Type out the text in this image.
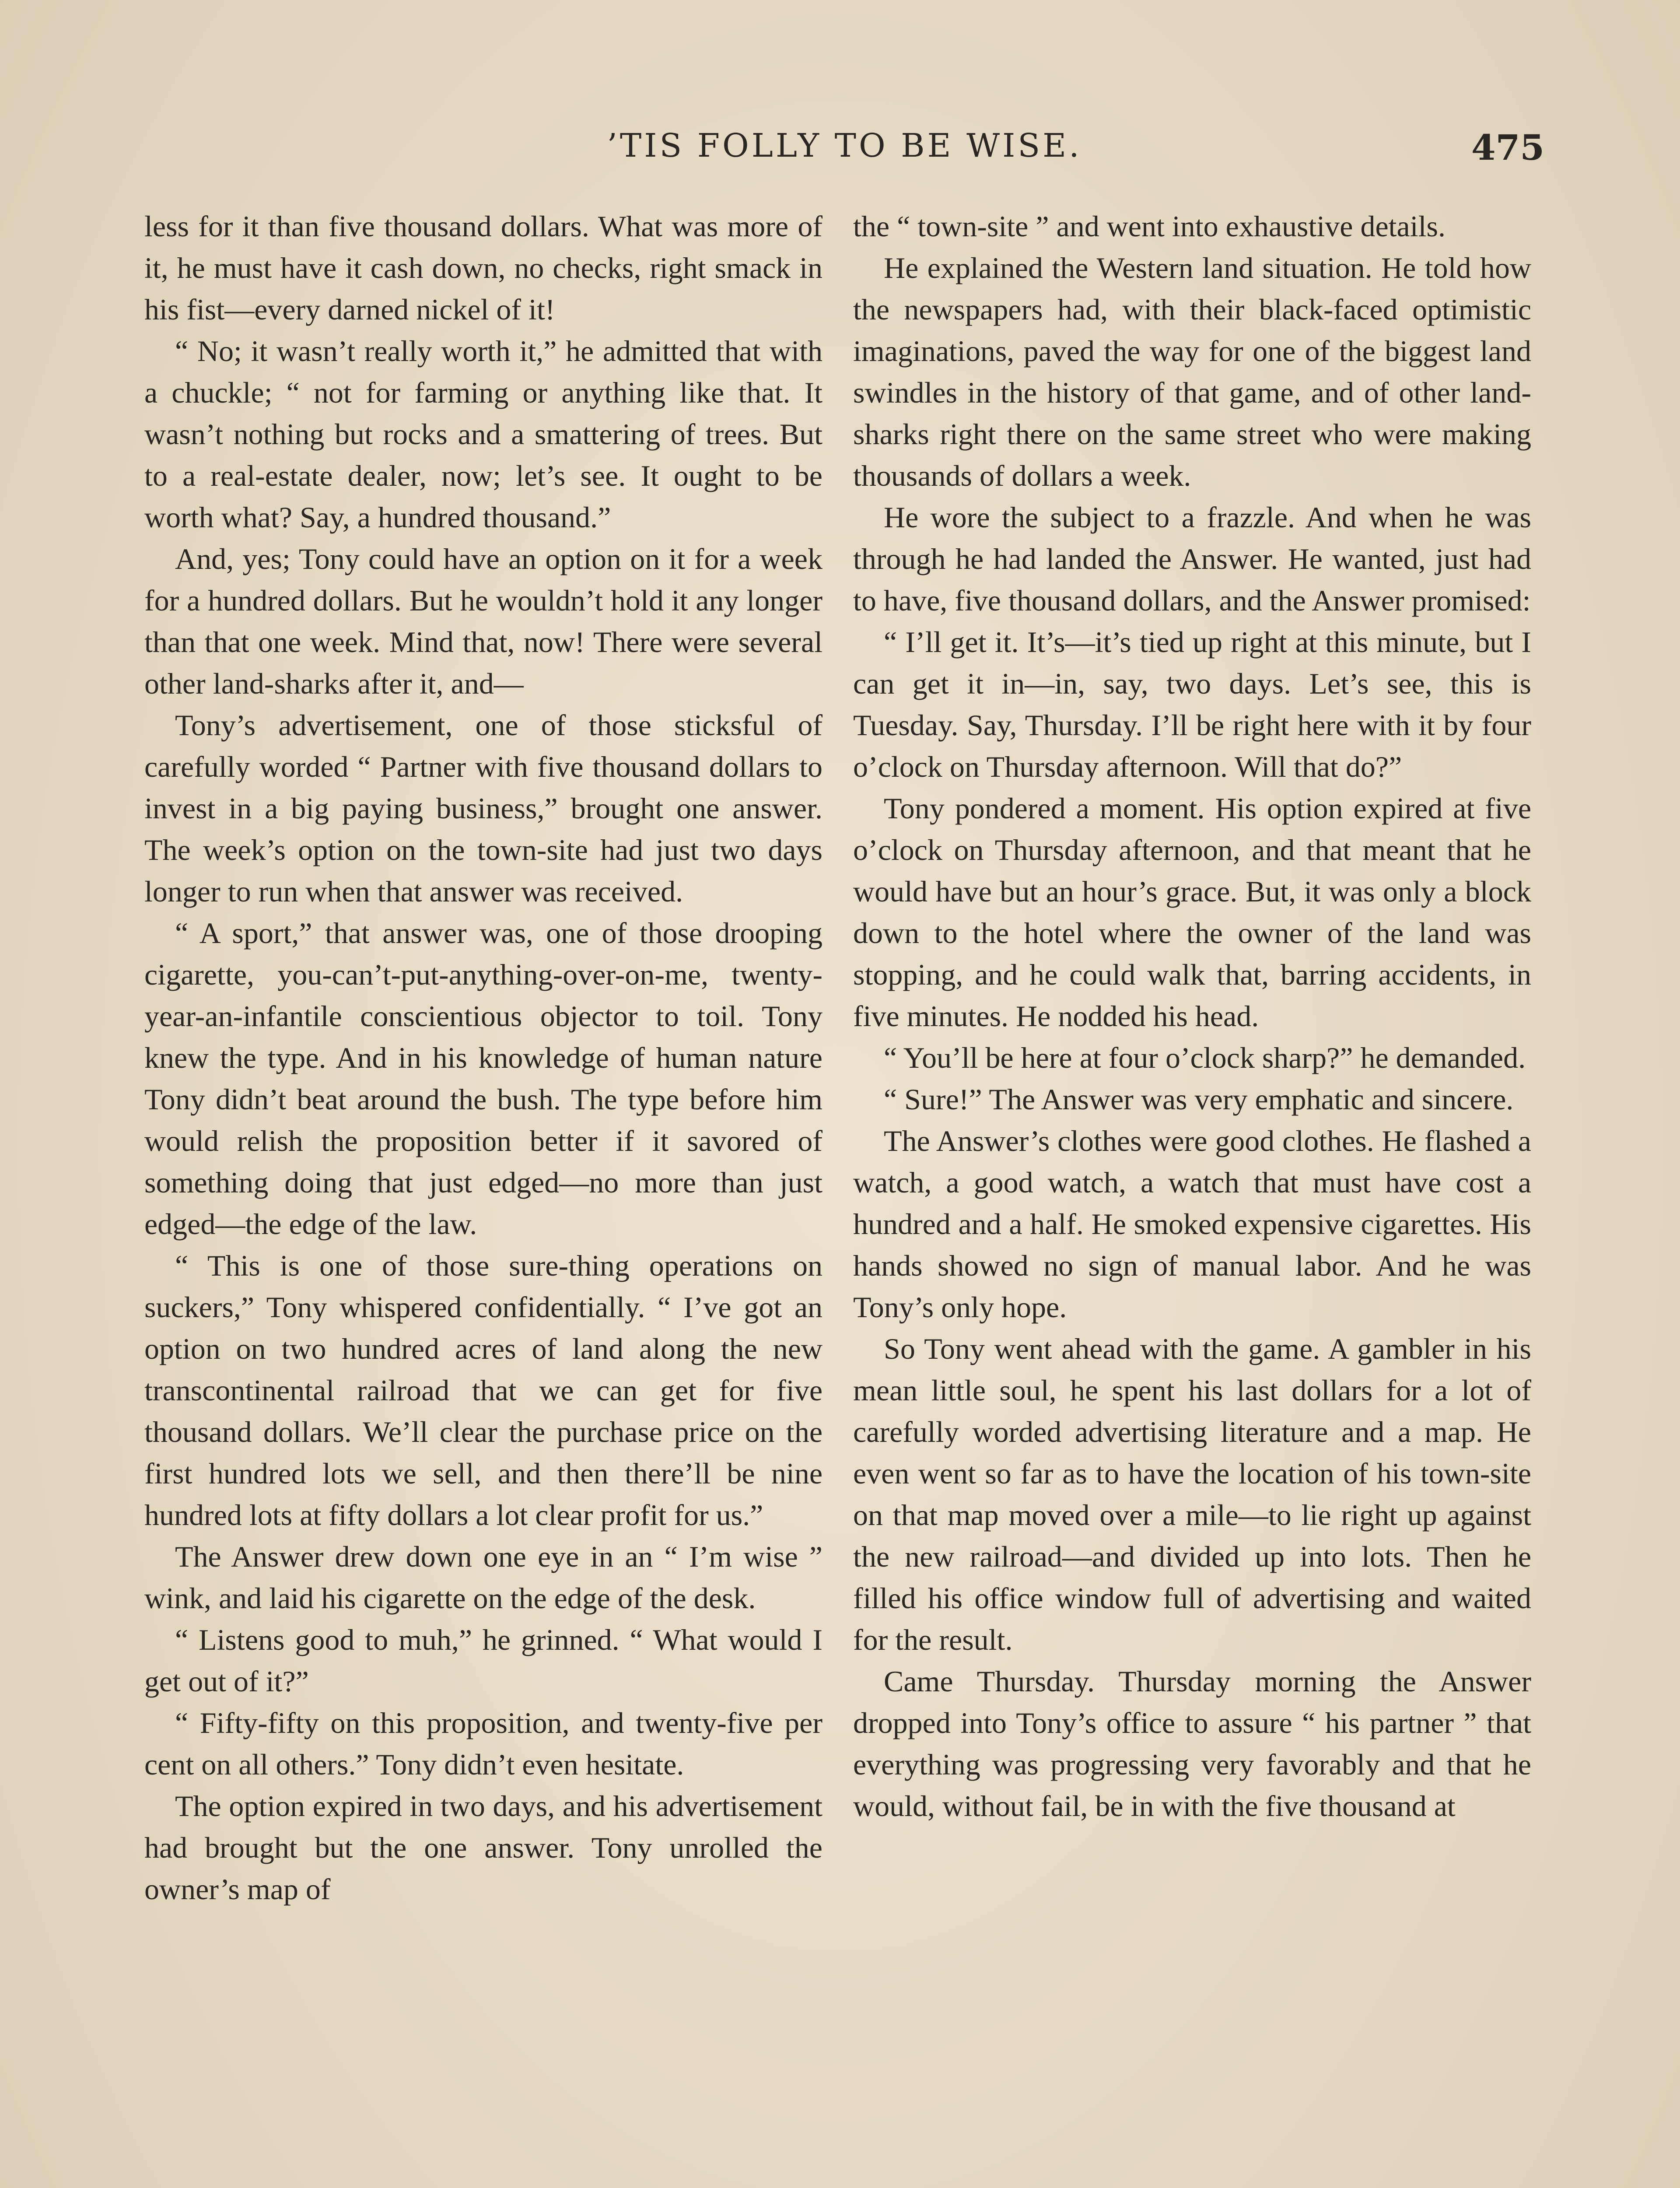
’TIS FOLLY TO BE WISE.	475

less for it than five thousand dollars. What was more of it, he must have it cash down, no checks, right smack in his fist—every darned nickel of it!

“ No; it wasn’t really worth it,” he admitted that with a chuckle; “ not for farming or anything like that. It wasn’t nothing but rocks and a smattering of trees. But to a real-estate dealer, now; let’s see. It ought to be worth what? Say, a hundred thousand.”

And, yes; Tony could have an option on it for a week for a hundred dollars. But he wouldn’t hold it any longer than that one week. Mind that, now! There were several other land-sharks after it, and—

Tony’s advertisement, one of those sticksful of carefully worded “ Partner with five thousand dollars to invest in a big paying business,” brought one answer. The week’s option on the town-site had just two days longer to run when that answer was received.

“ A sport,” that answer was, one of those drooping cigarette, you-can’t-put-anything-over-on-me, twenty-year-an-infantile conscientious objector to toil. Tony knew the type. And in his knowledge of human nature Tony didn’t beat around the bush. The type before him would relish the proposition better if it savored of something doing that just edged—no more than just edged—the edge of the law.

“ This is one of those sure-thing operations on suckers,” Tony whispered confidentially. “ I’ve got an option on two hundred acres of land along the new transcontinental railroad that we can get for five thousand dollars. We’ll clear the purchase price on the first hundred lots we sell, and then there’ll be nine hundred lots at fifty dollars a lot clear profit for us.”

The Answer drew down one eye in an “ I’m wise ” wink, and laid his cigarette on the edge of the desk.

“ Listens good to muh,” he grinned. “ What would I get out of it?”

“ Fifty-fifty on this proposition, and twenty-five per cent on all others.” Tony didn’t even hesitate.

The option expired in two days, and his advertisement had brought but the one answer. Tony unrolled the owner’s map of

the “ town-site ” and went into exhaustive details.

He explained the Western land situation. He told how the newspapers had, with their black-faced optimistic imaginations, paved the way for one of the biggest land swindles in the history of that game, and of other land-sharks right there on the same street who were making thousands of dollars a week.

He wore the subject to a frazzle. And when he was through he had landed the Answer. He wanted, just had to have, five thousand dollars, and the Answer promised:

“ I’ll get it. It’s—it’s tied up right at this minute, but I can get it in—in, say, two days. Let’s see, this is Tuesday. Say, Thursday. I’ll be right here with it by four o’clock on Thursday afternoon. Will that do?”

Tony pondered a moment. His option expired at five o’clock on Thursday afternoon, and that meant that he would have but an hour’s grace. But, it was only a block down to the hotel where the owner of the land was stopping, and he could walk that, barring accidents, in five minutes. He nodded his head.

“ You’ll be here at four o’clock sharp?” he demanded.

“ Sure!” The Answer was very emphatic and sincere.

The Answer’s clothes were good clothes. He flashed a watch, a good watch, a watch that must have cost a hundred and a half. He smoked expensive cigarettes. His hands showed no sign of manual labor. And he was Tony’s only hope.

So Tony went ahead with the game. A gambler in his mean little soul, he spent his last dollars for a lot of carefully worded advertising literature and a map. He even went so far as to have the location of his town-site on that map moved over a mile—to lie right up against the new railroad—and divided up into lots. Then he filled his office window full of advertising and waited for the result.

Came Thursday. Thursday morning the Answer dropped into Tony’s office to assure “ his partner ” that everything was progressing very favorably and that he would, without fail, be in with the five thousand at
